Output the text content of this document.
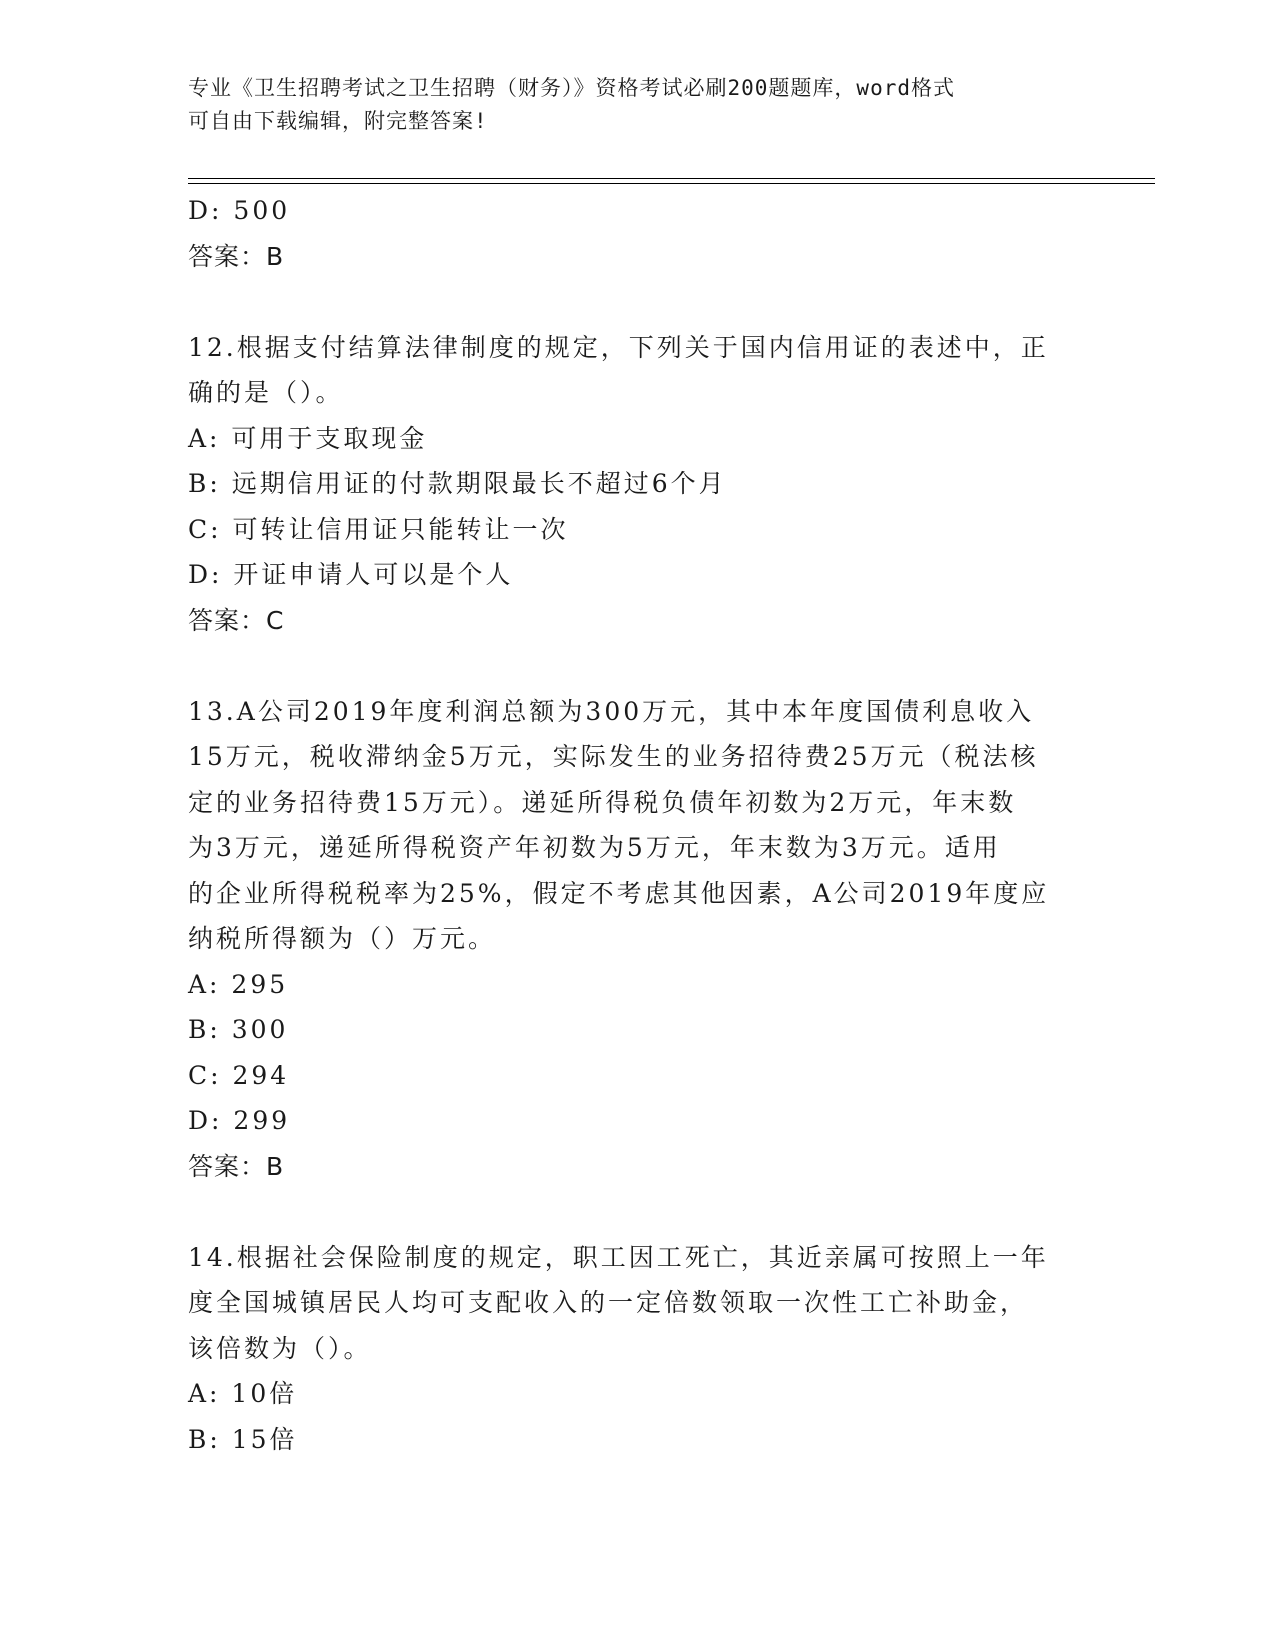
专业《卫生招聘考试之卫生招聘（财务）》资格考试必刷200题题库，word格式
可自由下载编辑，附完整答案!
D: 500
答案：B
12.根据支付结算法律制度的规定，下列关于国内信用证的表述中，正
确的是（）。
A: 可用于支取现金
B: 远期信用证的付款期限最长不超过6个月
C: 可转让信用证只能转让一次
D: 开证申请人可以是个人
答案：C
13.A公司2019年度利润总额为300万元，其中本年度国债利息收入
15万元，税收滞纳金5万元，实际发生的业务招待费25万元（税法核
定的业务招待费15万元）。递延所得税负债年初数为2万元，年末数
为3万元，递延所得税资产年初数为5万元，年末数为3万元。适用
的企业所得税税率为25%，假定不考虑其他因素，A公司2019年度应
纳税所得额为（）万元。
A: 295
B: 300
C: 294
D: 299
答案：B
14.根据社会保险制度的规定，职工因工死亡，其近亲属可按照上一年
度全国城镇居民人均可支配收入的一定倍数领取一次性工亡补助金，
该倍数为（）。
A: 10倍
B: 15倍
